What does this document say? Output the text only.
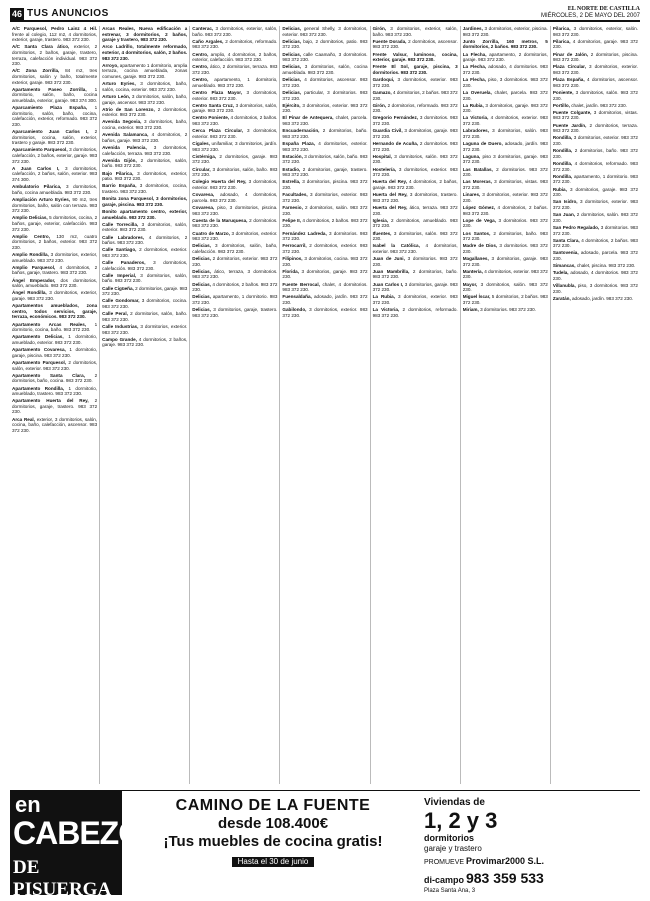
46 TUS ANUNCIOS	EL NORTE DE CASTILLA
MIÉRCOLES, 2 DE MAYO DEL 2007
A/C Parquesol, Pedro Lainz 4 Hil. frente al colegio, 112 m2, 4 dormitorios, exterior, garaje, trastero. 983 372 230.
A/C Santa Clara ático, exterior, 2 dormitorios, 2 baños, garaje, trastero, terraza, calefacción individual. 983 372 230.
A/C Zona Zorrilla, 84 m2, tres dormitorios, salón y baño, totalmente exterior, garaje. 983 372 230.
Apartamento Paseo Zorrilla, 1 dormitorio, salón, baño, cocina amueblada, exterior, garaje. 983 374 300.
Aparcamiento Plaza España, 1 dormitorio, salón, baño, cocina, calefacción, exterior, reformado. 983 372 230.
Aparcamiento Juan Carlos I, 2 dormitorios, cocina, salón, exterior, trastero y garaje. 983 372 230.
Aparcamiento Parquesol, 3 dormitorios, calefacción, 2 baños, exterior, garaje. 983 372 230.
A Juan Carlos I, 3 dormitorios, calefacción, 2 baños, salón, exterior. 983 374 300.
Ambulatorio Pilarica, 3 dormitorios, baño, cocina amueblada. 983 372 230.
Ampliación Arturo Eyries, 90 m2, tres dormitorios, baño, salón con terraza. 983 372 230.
Amplio Delicias, 5 dormitorios, cocina, 2 baños, garaje, exterior, calefacción. 983 372 230.
Amplio Centro, 130 m2, cuatro dormitorios, 2 baños, exterior. 983 372 230.
Amplio Rondilla, 3 dormitorios, exterior, amueblado. 983 372 230.
Amplio Parquesol, 4 dormitorios, 2 baños, garaje, trastero. 983 372 230.
Ángel Emperador, dos dormitorios, salón, amueblado. 983 372 230.
Ángel Rondilla, 3 dormitorios, exterior, garaje. 983 372 230.
Apartamentos amueblados, zona centro, todos servicios, garaje, terraza, económicos. 983 372 230.
Apartamento Arcas Reales, 1 dormitorio, cocina, baño. 983 372 230.
Apartamento Delicias, 1 dormitorio, amueblado, exterior. 983 372 230.
Apartamento Covaresa, 1 dormitorio, garaje, piscina. 983 372 230.
Apartamento Parquesol, 2 dormitorios, salón, exterior. 983 372 230.
Apartamento Santa Clara, 2 dormitorios, baño, cocina. 983 372 230.
Apartamento Rondilla, 1 dormitorio, amueblado, trastero. 983 372 230.
Apartamento Huerta del Rey, 2 dormitorios, garaje, trastero. 983 372 230.
Arca Real, exterior, 3 dormitorios, salón, cocina, baño, calefacción, ascensor. 983 372 230.
Arcas Reales, Nueva edificación a estrenar, 3 dormitorios, 2 baños, garaje y trastero, 983 372 230.
Arco Ladrillo, totalmente reformado, exterior, 4 dormitorios, salón, 2 baños. 983 372 230.
Arroyo, apartamento 1 dormitorio, amplia terraza, cocina amueblada, zonas comunes, garaje. 983 372 230.
Arturo Eyries, 3 dormitorios, baño, salón, cocina, exterior. 983 372 230.
Arturo León, 3 dormitorios, salón, baño, garaje, ascensor. 983 372 230.
Atrio de San Lorenzo, 2 dormitorios, exterior. 983 372 230.
Avenida Segovia, 3 dormitorios, baño, cocina, exterior. 983 372 230.
Avenida Salamanca, 4 dormitorios, 2 baños, garaje. 983 372 230.
Avenida Palencia, 3 dormitorios, calefacción, terraza. 983 372 230.
Avenida Gijón, 2 dormitorios, salón, baño. 983 372 230.
Bajo Pilarica, 3 dormitorios, exterior, patio. 983 372 230.
Barrio España, 3 dormitorios, cocina, trastero. 983 372 230.
Bonita zona Parquesol, 3 dormitorios, garaje, piscina. 983 372 230.
Bonito apartamento centro, exterior, amueblado. 983 372 230.
Calle Torrecilla, 3 dormitorios, salón, exterior. 983 372 230.
Calle Labradores, 4 dormitorios, 2 baños. 983 372 230.
Calle Santiago, 2 dormitorios, exterior. 983 372 230.
Calle Panaderos, 3 dormitorios, calefacción. 983 372 230.
Calle Imperial, 3 dormitorios, salón, baño. 983 372 230.
Calle Cigüeña, 2 dormitorios, garaje. 983 372 230.
Calle Gondomar, 3 dormitorios, cocina. 983 372 230.
Calle Peral, 2 dormitorios, salón, baño. 983 372 230.
Calle Industrias, 3 dormitorios, exterior. 983 372 230.
Campo Grande, 4 dormitorios, 2 baños, garaje. 983 372 230.
Canterac, 3 dormitorios, exterior, salón, baño. 983 372 230.
Caño Argales, 2 dormitorios, reformado. 983 372 230.
Centro, amplio, 4 dormitorios, 2 baños, exterior, calefacción. 983 372 230.
Centro, ático, 2 dormitorios, terraza. 983 372 230.
Centro, apartamento, 1 dormitorio, amueblado. 983 372 230.
Centro Plaza Mayor, 3 dormitorios, exterior. 983 372 230.
Centro Santa Cruz, 3 dormitorios, salón, garaje. 983 372 230.
Centro Poniente, 4 dormitorios, 2 baños. 983 372 230.
Cerca Plaza Circular, 3 dormitorios, exterior. 983 372 230.
Cigales, unifamiliar, 3 dormitorios, jardín. 983 372 230.
Cistérniga, 2 dormitorios, garaje. 983 372 230.
Circular, 3 dormitorios, salón, baño. 983 372 230.
Colegio Huerta del Rey, 3 dormitorios, exterior. 983 372 230.
Covaresa, adosado, 4 dormitorios, parcela. 983 372 230.
Covaresa, piso, 3 dormitorios, piscina. 983 372 230.
Cuesta de la Maruquesa, 2 dormitorios. 983 372 230.
Cuatro de Marzo, 3 dormitorios, exterior. 983 372 230.
Delicias, 3 dormitorios, salón, baño, calefacción. 983 372 230.
Delicias, 2 dormitorios, exterior. 983 372 230.
Delicias, ático, terraza, 3 dormitorios. 983 372 230.
Delicias, 4 dormitorios, 2 baños. 983 372 230.
Delicias, apartamento, 1 dormitorio. 983 372 230.
Delicias, 3 dormitorios, garaje, trastero. 983 372 230.
Delicias, general Shelly, 3 dormitorios, exterior. 983 372 230.
Delicias, bajo, 2 dormitorios, patio. 983 372 230.
Delicias, calle Caamaño, 3 dormitorios. 983 372 230.
Delicias, 3 dormitorios, salón, cocina amueblada. 983 372 230.
Delicias, 4 dormitorios, ascensor. 983 372 230.
Delicias, particular, 3 dormitorios. 983 372 230.
Ejército, 3 dormitorios, exterior. 983 372 230.
El Pinar de Antequera, chalet, parcela. 983 372 230.
Encuadernación, 2 dormitorios, baño. 983 372 230.
España Plaza, 4 dormitorios, exterior. 983 372 230.
Estación, 3 dormitorios, salón, baño. 983 372 230.
Estadio, 2 dormitorios, garaje, trastero. 983 372 230.
Estrella, 3 dormitorios, piscina. 983 372 230.
Facultades, 3 dormitorios, exterior. 983 372 230.
Farnesio, 2 dormitorios, salón. 983 372 230.
Felipe II, 4 dormitorios, 2 baños. 983 372 230.
Fernández Ladreda, 3 dormitorios. 983 372 230.
Ferrocarril, 2 dormitorios, exterior. 983 372 230.
Filipinos, 3 dormitorios, cocina. 983 372 230.
Florida, 3 dormitorios, garaje. 983 372 230.
Fuente Berrocal, chalet, 4 dormitorios. 983 372 230.
Fuensaldaña, adosado, jardín. 983 372 230.
Gabilondo, 3 dormitorios, exterior. 983 372 230.
Girón, 3 dormitorios, exterior, salón, baño. 983 372 230.
Fuente Dorada, 2 dormitorios, ascensor. 983 372 230.
Frente Valsur, luminoso, cocina, exterior, garaje. 983 372 230.
Frente El Sol, garaje, piscina, 3 dormitorios. 983 372 230.
Gardoqui, 3 dormitorios, exterior. 983 372 230.
Gamazo, 4 dormitorios, 2 baños. 983 372 230.
Girón, 2 dormitorios, reformado. 983 372 230.
Gregorio Fernández, 3 dormitorios. 983 372 230.
Guardia Civil, 3 dormitorios, garaje. 983 372 230.
Hernando de Acuña, 2 dormitorios. 983 372 230.
Hospital, 3 dormitorios, salón. 983 372 230.
Hostelería, 3 dormitorios, exterior. 983 372 230.
Huerta del Rey, 4 dormitorios, 2 baños, garaje. 983 372 230.
Huerta del Rey, 3 dormitorios, trastero. 983 372 230.
Huerta del Rey, ático, terraza. 983 372 230.
Iglesia, 2 dormitorios, amueblado. 983 372 230.
Ifuentes, 3 dormitorios, salón. 983 372 230.
Isabel la Católica, 4 dormitorios, exterior. 983 372 230.
Juan de Juni, 3 dormitorios. 983 372 230.
Juan Mambrilla, 2 dormitorios, baño. 983 372 230.
Juan Carlos I, 3 dormitorios, garaje. 983 372 230.
La Rubia, 3 dormitorios, exterior. 983 372 230.
La Victoria, 2 dormitorios, reformado. 983 372 230.
Jardines, 3 dormitorios, exterior, piscina. 983 372 230.
Junto Zorrilla, 160 metros, 5 dormitorios, 2 baños. 983 372 230.
La Flecha, apartamento, 2 dormitorios, garaje. 983 372 230.
La Flecha, adosado, 4 dormitorios. 983 372 230.
La Flecha, piso, 3 dormitorios. 983 372 230.
La Overuela, chalet, parcela. 983 372 230.
La Rubia, 3 dormitorios, garaje. 983 372 230.
La Victoria, 4 dormitorios, exterior. 983 372 230.
Labradores, 3 dormitorios, salón. 983 372 230.
Laguna de Duero, adosado, jardín. 983 372 230.
Laguna, piso 3 dormitorios, garaje. 983 372 230.
Las Batallas, 2 dormitorios. 983 372 230.
Las Moreras, 3 dormitorios, vistas. 983 372 230.
Linares, 3 dormitorios, exterior. 983 372 230.
López Gómez, 4 dormitorios, 2 baños. 983 372 230.
Lope de Vega, 3 dormitorios. 983 372 230.
Los Santos, 2 dormitorios, baño. 983 372 230.
Madre de Dios, 3 dormitorios. 983 372 230.
Magallanes, 3 dormitorios, garaje. 983 372 230.
Mantería, 4 dormitorios, exterior. 983 372 230.
Mayor, 3 dormitorios, salón. 983 372 230.
Miguel Íscar, 5 dormitorios, 2 baños. 983 372 230.
Miriam, 3 dormitorios. 983 372 230.
Pilarica, 3 dormitorios, exterior, salón. 983 372 230.
Pilarica, 4 dormitorios, garaje. 983 372 230.
Pinar de Jalón, 2 dormitorios, piscina. 983 372 230.
Plaza Circular, 3 dormitorios, exterior. 983 372 230.
Plaza España, 4 dormitorios, ascensor. 983 372 230.
Poniente, 3 dormitorios, salón. 983 372 230.
Portillo, chalet, jardín. 983 372 230.
Puente Colgante, 3 dormitorios, vistas. 983 372 230.
Puente Jardín, 2 dormitorios, terraza. 983 372 230.
Rondilla, 3 dormitorios, exterior. 983 372 230.
Rondilla, 2 dormitorios, baño. 983 372 230.
Rondilla, 4 dormitorios, reformado. 983 372 230.
Rondilla, apartamento, 1 dormitorio. 983 372 230.
Rubia, 3 dormitorios, garaje. 983 372 230.
San Isidro, 3 dormitorios, exterior. 983 372 230.
San Juan, 2 dormitorios, salón. 983 372 230.
San Pedro Regalado, 3 dormitorios. 983 372 230.
Santa Clara, 4 dormitorios, 2 baños. 983 372 230.
Santovenia, adosado, parcela. 983 372 230.
Simancas, chalet, piscina. 983 372 230.
Tudela, adosado, 4 dormitorios. 983 372 230.
Villanubla, piso, 3 dormitorios. 983 372 230.
Zaratán, adosado, jardín. 983 372 230.
en
CABEZÓN
DE PISUERGA
CAMINO DE LA FUENTE
desde 108.400€
¡Tus muebles de cocina gratis!
Hasta el 30 de junio
Viviendas de
1, 2 y 3
dormitorios
garaje y trastero
PROMUEVE Provimar2000 S.L.
di-campo 983 359 533
Plaza Santa Ana, 3
